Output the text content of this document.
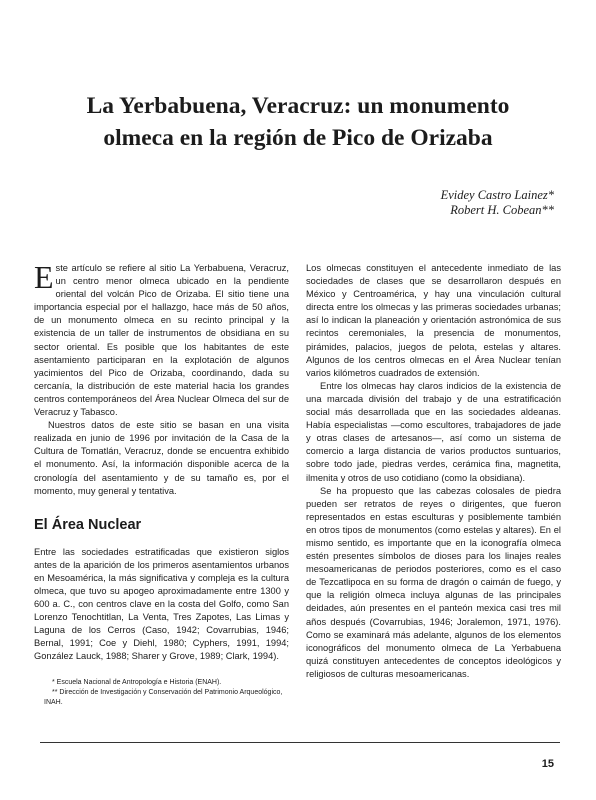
La Yerbabuena, Veracruz: un monumento
olmeca en la región de Pico de Orizaba
Evidey Castro Lainez*
Robert H. Cobean**

Este artículo se refiere al sitio La Yerbabuena, Veracruz, un centro menor olmeca ubicado en la pendiente oriental del volcán Pico de Orizaba. El sitio tiene una importancia especial por el hallazgo, hace más de 50 años, de un monumento olmeca en su recinto principal y la existencia de un taller de instrumentos de obsidiana en su sector oriental. Es posible que los habitantes de este asentamiento participaran en la explotación de algunos yacimientos del Pico de Orizaba, coordinando, dada su cercanía, la distribución de este material hacia los grandes centros contemporáneos del Área Nuclear Olmeca del sur de Veracruz y Tabasco.

Nuestros datos de este sitio se basan en una visita realizada en junio de 1996 por invitación de la Casa de la Cultura de Tomatlán, Veracruz, donde se encuentra exhibido el monumento. Así, la información disponible acerca de la cronología del asentamiento y de su tamaño es, por el momento, muy general y tentativa.

El Área Nuclear

Entre las sociedades estratificadas que existieron siglos antes de la aparición de los primeros asentamientos urbanos en Mesoamérica, la más significativa y compleja es la cultura olmeca, que tuvo su apogeo aproximadamente entre 1300 y 600 a. C., con centros clave en la costa del Golfo, como San Lorenzo Tenochtitlan, La Venta, Tres Zapotes, Las Limas y Laguna de los Cerros (Caso, 1942; Covarrubias, 1946; Bernal, 1991; Coe y Diehl, 1980; Cyphers, 1991, 1994; González Lauck, 1988; Sharer y Grove, 1989; Clark, 1994).

* Escuela Nacional de Antropología e Historia (ENAH).

** Dirección de Investigación y Conservación del Patrimonio Arqueológico, INAH.

Los olmecas constituyen el antecedente inmediato de las sociedades de clases que se desarrollaron después en México y Centroamérica, y hay una vinculación cultural directa entre los olmecas y las primeras sociedades urbanas; así lo indican la planeación y orientación astronómica de sus recintos ceremoniales, la presencia de monumentos, pirámides, palacios, juegos de pelota, estelas y altares. Algunos de los centros olmecas en el Área Nuclear tenían varios kilómetros cuadrados de extensión.

Entre los olmecas hay claros indicios de la existencia de una marcada división del trabajo y de una estratificación social más desarrollada que en las sociedades aldeanas. Había especialistas —como escultores, trabajadores de jade y otras clases de artesanos—, así como un sistema de comercio a larga distancia de varios productos suntuarios, sobre todo jade, piedras verdes, cerámica fina, magnetita, ilmenita y otros de uso cotidiano (como la obsidiana).

Se ha propuesto que las cabezas colosales de piedra pueden ser retratos de reyes o dirigentes, que fueron representados en estas esculturas y posiblemente también en otros tipos de monumentos (como estelas y altares). En el mismo sentido, es importante que en la iconografía olmeca estén presentes símbolos de dioses para los linajes reales mesoamericanas de periodos posteriores, como es el caso de Tezcatlipoca en su forma de dragón o caimán de fuego, y que la religión olmeca incluya algunas de las principales deidades, aún presentes en el panteón mexica casi tres mil años después (Covarrubias, 1946; Joralemon, 1971, 1976). Como se examinará más adelante, algunos de los elementos iconográficos del monumento olmeca de La Yerbabuena quizá constituyen antecedentes de conceptos ideológicos y religiosos de culturas mesoamericanas.

15
